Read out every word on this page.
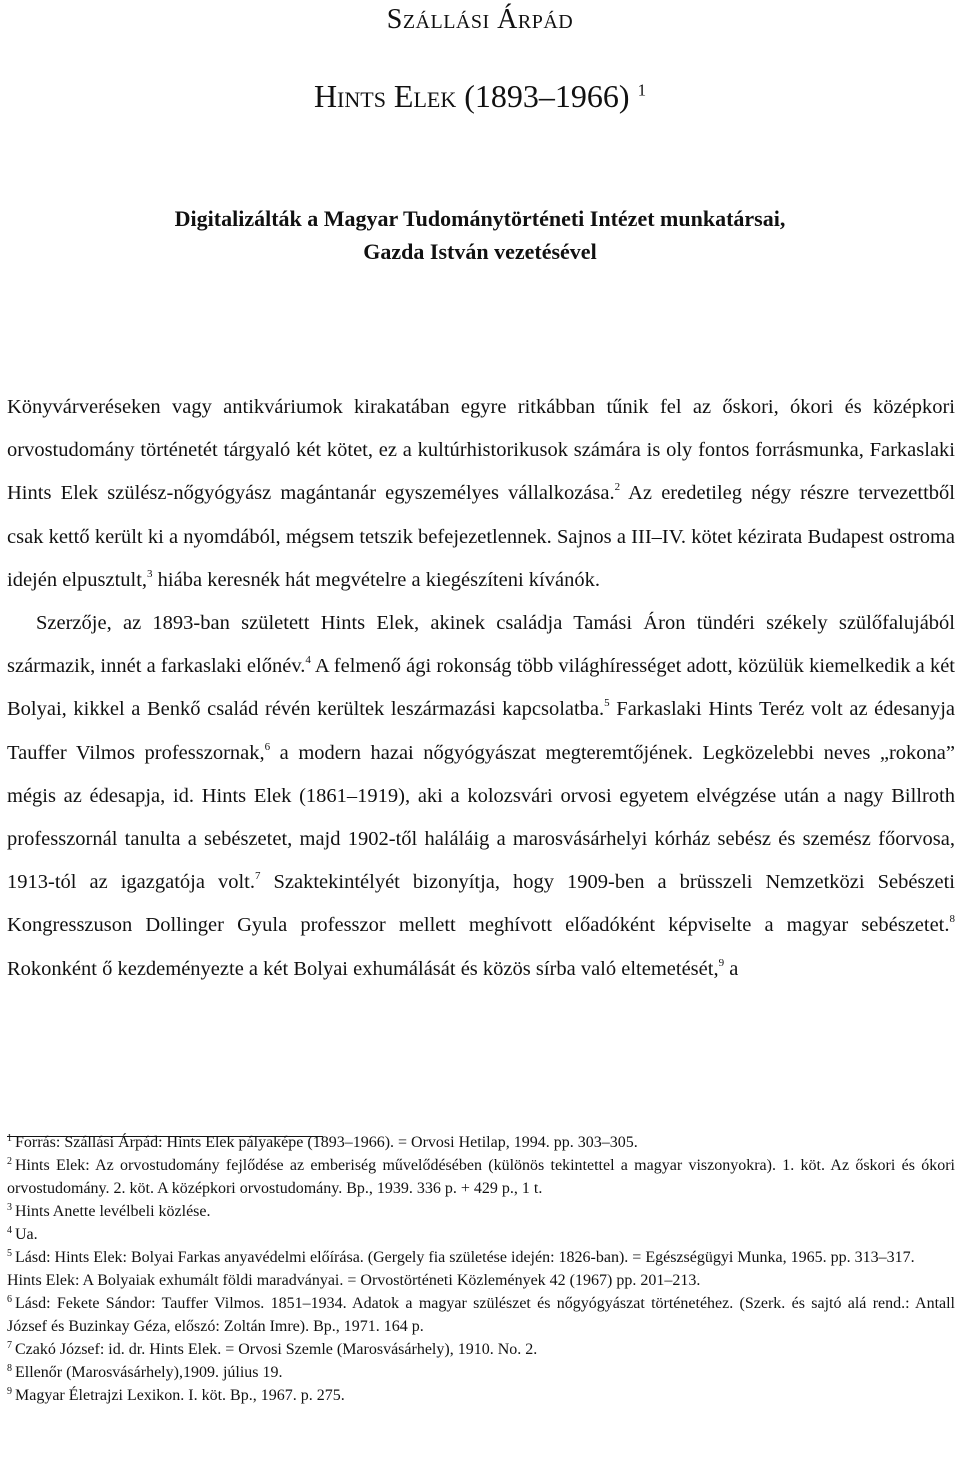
Szállási Árpád
Hints Elek (1893–1966) $^1$
Digitalizálták a Magyar Tudománytörténeti Intézet munkatársai,
Gazda István vezetésével

Könyvárveréseken vagy antikváriumok kirakatában egyre ritkábban tűnik fel az őskori, ókori és középkori orvostudomány történetét tárgyaló két kötet, ez a kultúrhistorikusok számára is oly fontos forrásmunka, Farkaslaki Hints Elek szülész-nőgyógyász magántanár egyszemélyes vállalkozása.$^2$ Az eredetileg négy részre tervezettből csak kettő került ki a nyomdából, mégsem tetszik befejezetlennek. Sajnos a III–IV. kötet kézirata Budapest ostroma idején elpusztult,$^3$ hiába keresnék hát megvételre a kiegészíteni kívánók.

Szerzője, az 1893-ban született Hints Elek, akinek családja Tamási Áron tündéri székely szülőfalujából származik, innét a farkaslaki előnév.$^4$ A felmenő ági rokonság több világhírességet adott, közülük kiemelkedik a két Bolyai, kikkel a Benkő család révén kerültek leszármazási kapcsolatba.$^5$ Farkaslaki Hints Teréz volt az édesanyja Tauffer Vilmos professzornak,$^6$ a modern hazai nőgyógyászat megteremtőjének. Legközelebbi neves „rokona” mégis az édesapja, id. Hints Elek (1861–1919), aki a kolozsvári orvosi egyetem elvégzése után a nagy Billroth professzornál tanulta a sebészetet, majd 1902-től haláláig a marosvásárhelyi kórház sebész és szemész főorvosa, 1913-tól az igazgatója volt.$^7$ Szaktekintélyét bizonyítja, hogy 1909-ben a brüsszeli Nemzetközi Sebészeti Kongresszuson Dollinger Gyula professzor mellett meghívott előadóként képviselte a magyar sebészetet.$^8$ Rokonként ő kezdeményezte a két Bolyai exhumálását és közös sírba való eltemetését,$^9$ a

$^1$ Forrás: Szállási Árpád: Hints Elek pályaképe (1893–1966). = Orvosi Hetilap, 1994. pp. 303–305.

$^2$ Hints Elek: Az orvostudomány fejlődése az emberiség művelődésében (különös tekintettel a magyar viszonyokra). 1. köt. Az őskori és ókori orvostudomány. 2. köt. A középkori orvostudomány. Bp., 1939. 336 p. + 429 p., 1 t.

$^3$ Hints Anette levélbeli közlése.

$^4$ Ua.

$^5$ Lásd: Hints Elek: Bolyai Farkas anyavédelmi előírása. (Gergely fia születése idején: 1826-ban). = Egészségügyi Munka, 1965. pp. 313–317.

Hints Elek: A Bolyaiak exhumált földi maradványai. = Orvostörténeti Közlemények 42 (1967) pp. 201–213.

$^6$ Lásd: Fekete Sándor: Tauffer Vilmos. 1851–1934. Adatok a magyar szülészet és nőgyógyászat történetéhez. (Szerk. és sajtó alá rend.: Antall József és Buzinkay Géza, előszó: Zoltán Imre). Bp., 1971. 164 p.

$^7$ Czakó József: id. dr. Hints Elek. = Orvosi Szemle (Marosvásárhely), 1910. No. 2.

$^8$ Ellenőr (Marosvásárhely),1909. július 19.

$^9$ Magyar Életrajzi Lexikon. I. köt. Bp., 1967. p. 275.
